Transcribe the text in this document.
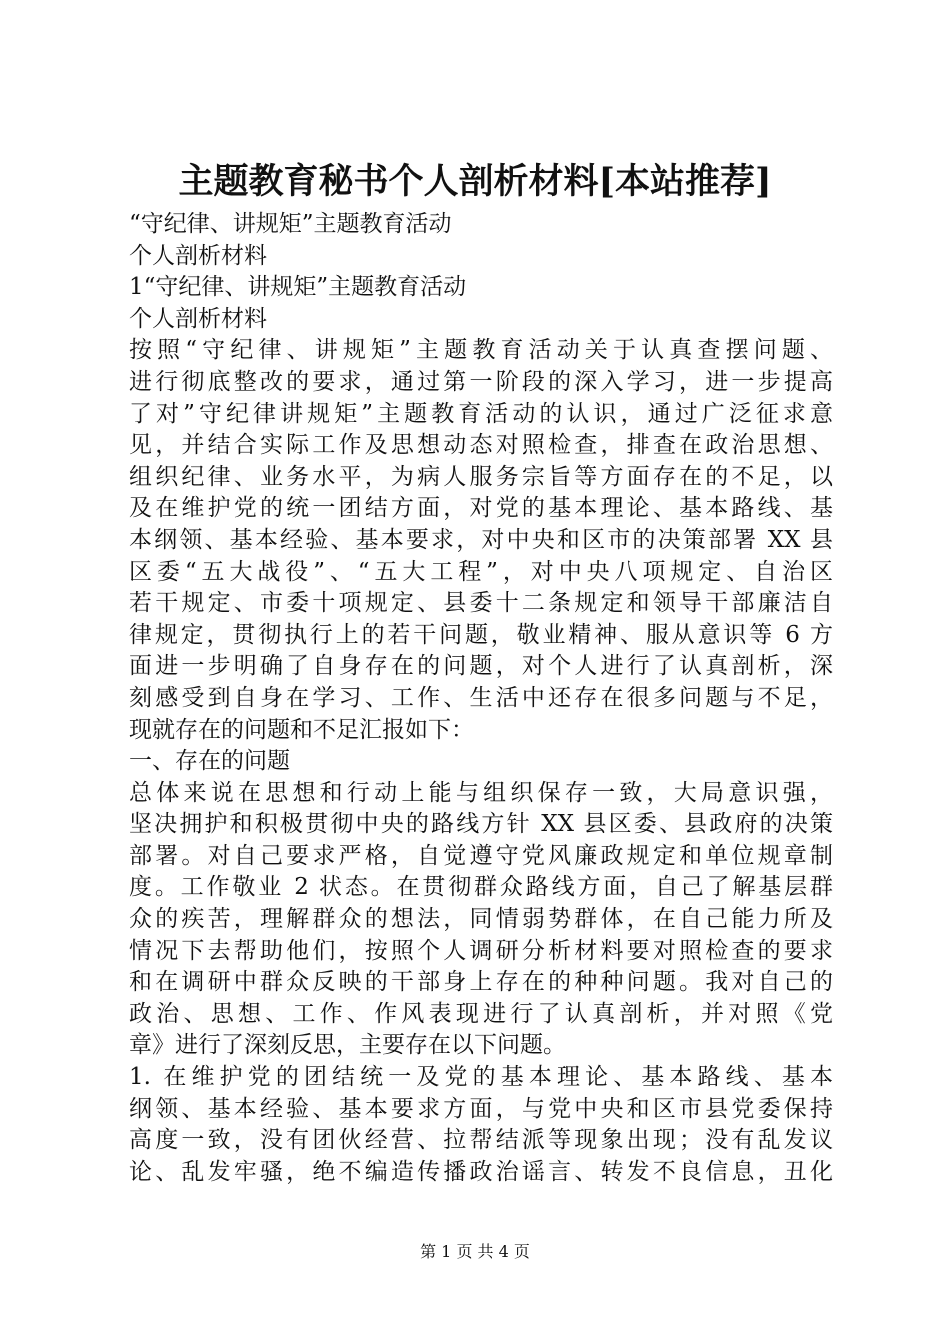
主题教育秘书个人剖析材料[本站推荐]

“守纪律、讲规矩”主题教育活动

个人剖析材料

1“守纪律、讲规矩”主题教育活动

个人剖析材料

按照“守纪律、讲规矩”主题教育活动关于认真查摆问题、

进行彻底整改的要求，通过第一阶段的深入学习，进一步提高

了对”守纪律讲规矩”主题教育活动的认识，通过广泛征求意

见，并结合实际工作及思想动态对照检查，排查在政治思想、

组织纪律、业务水平，为病人服务宗旨等方面存在的不足，以

及在维护党的统一团结方面，对党的基本理论、基本路线、基

本纲领、基本经验、基本要求，对中央和区市的决策部署 XX 县

区委“五大战役”、“五大工程”，对中央八项规定、自治区

若干规定、市委十项规定、县委十二条规定和领导干部廉洁自

律规定，贯彻执行上的若干问题，敬业精神、服从意识等 6 方

面进一步明确了自身存在的问题，对个人进行了认真剖析，深

刻感受到自身在学习、工作、生活中还存在很多问题与不足，

现就存在的问题和不足汇报如下：

一、存在的问题

总体来说在思想和行动上能与组织保存一致，大局意识强，

坚决拥护和积极贯彻中央的路线方针 XX 县区委、县政府的决策

部署。对自己要求严格，自觉遵守党风廉政规定和单位规章制

度。工作敬业 2 状态。在贯彻群众路线方面，自己了解基层群

众的疾苦，理解群众的想法，同情弱势群体，在自己能力所及

情况下去帮助他们，按照个人调研分析材料要对照检查的要求

和在调研中群众反映的干部身上存在的种种问题。我对自己的

政治、思想、工作、作风表现进行了认真剖析，并对照《党

章》进行了深刻反思，主要存在以下问题。

1. 在维护党的团结统一及党的基本理论、基本路线、基本

纲领、基本经验、基本要求方面，与党中央和区市县党委保持

高度一致，没有团伙经营、拉帮结派等现象出现；没有乱发议

论、乱发牢骚，绝不编造传播政治谣言、转发不良信息，丑化

第 1 页 共 4 页
